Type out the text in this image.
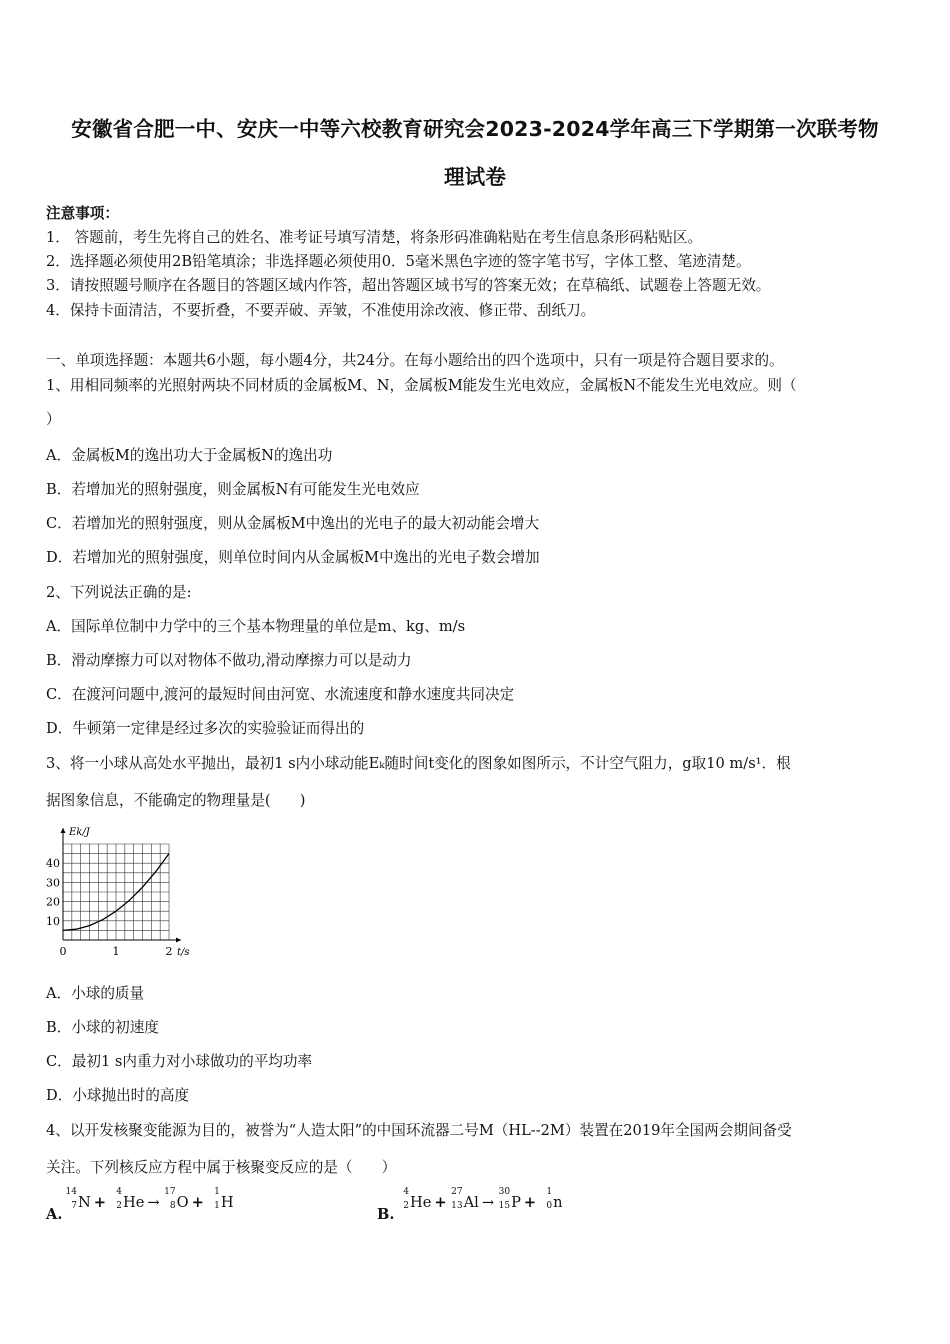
安徽省合肥一中、安庆一中等六校教育研究会2023-2024学年高三下学期第一次联考物
理试卷
注意事项：
1． 答题前，考生先将自己的姓名、准考证号填写清楚，将条形码准确粘贴在考生信息条形码粘贴区。
2．选择题必须使用2B铅笔填涂；非选择题必须使用0．5毫米黑色字迹的签字笔书写，字体工整、笔迹清楚。
3．请按照题号顺序在各题目的答题区域内作答，超出答题区域书写的答案无效；在草稿纸、试题卷上答题无效。
4．保持卡面清洁，不要折叠，不要弄破、弄皱，不准使用涂改液、修正带、刮纸刀。
一、单项选择题：本题共6小题，每小题4分，共24分。在每小题给出的四个选项中，只有一项是符合题目要求的。
1、用相同频率的光照射两块不同材质的金属板M、N，金属板M能发生光电效应，金属板N不能发生光电效应。则（
）
A．金属板M的逸出功大于金属板N的逸出功
B．若增加光的照射强度，则金属板N有可能发生光电效应
C．若增加光的照射强度，则从金属板M中逸出的光电子的最大初动能会增大
D．若增加光的照射强度，则单位时间内从金属板M中逸出的光电子数会增加
2、下列说法正确的是:
A．国际单位制中力学中的三个基本物理量的单位是m、kg、m/s
B．滑动摩擦力可以对物体不做功,滑动摩擦力可以是动力
C．在渡河问题中,渡河的最短时间由河宽、水流速度和静水速度共同决定
D．牛顿第一定律是经过多次的实验验证而得出的
3、将一小球从高处水平抛出，最初1 s内小球动能Eₖ随时间t变化的图象如图所示，不计空气阻力，g取10 m/s¹．根
据图象信息，不能确定的物理量是(　　)
10
20
30
40
0	1	2
Ek/J
t/s
A．小球的质量
B．小球的初速度
C．最初1 s内重力对小球做功的平均功率
D．小球抛出时的高度
4、以开发核聚变能源为目的，被誉为“人造太阳”的中国环流器二号M（HL--2M）装置在2019年全国两会期间备受
关注。下列核反应方程中属于核聚变反应的是（　　）
A.
14
7 N +
4
2 He →
17
8 O +
1
1 H
B.
4
2 He +
27
13 Al →
30
15 P +
1
0 n
